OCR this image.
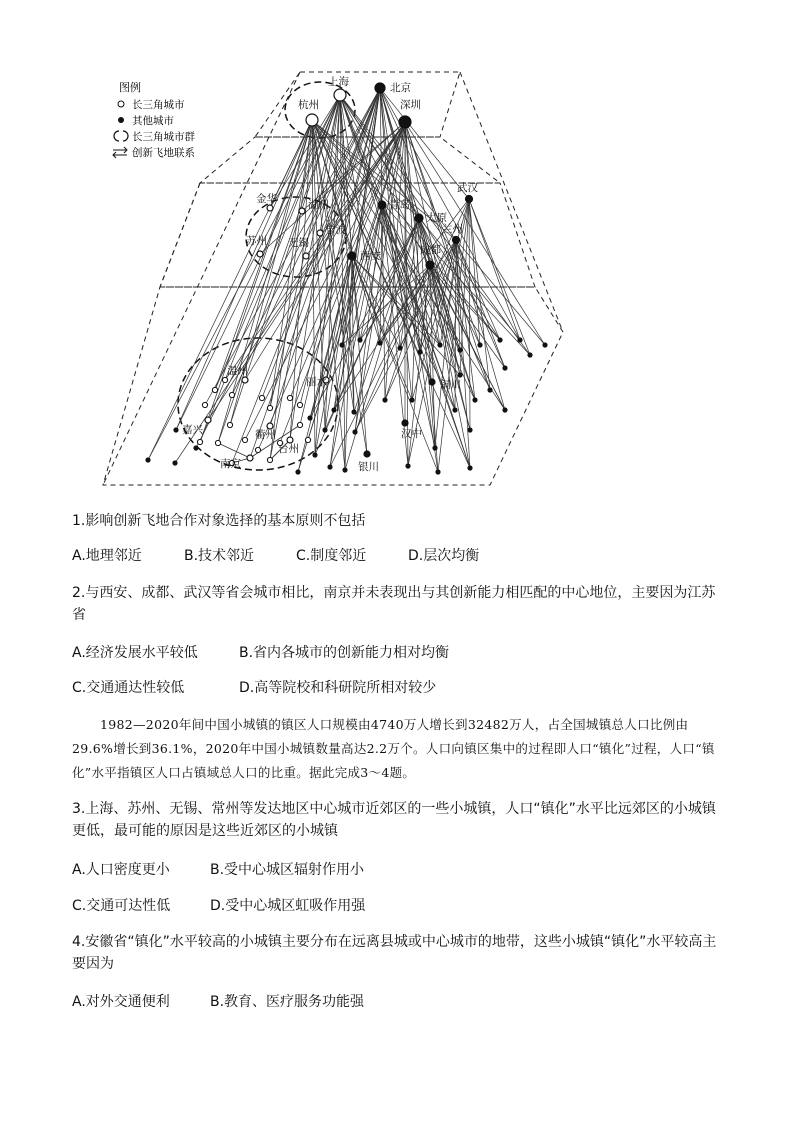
上海	北京
杭州	深圳
武汉
金华	湖州	青岛
太原
苏州
宁波	兰州
无锡
成都
西安
温州
丽水	铜川
嘉兴	衢州
台州
汉中
南京	银川
图例
长三角城市
其他城市
长三角城市群
创新飞地联系
1.影响创新飞地合作对象选择的基本原则不包括
A.地理邻近	B.技术邻近	C.制度邻近	D.层次均衡
2.与西安、成都、武汉等省会城市相比，南京并未表现出与其创新能力相匹配的中心地位，主要因为江苏省
A.经济发展水平较低	B.省内各城市的创新能力相对均衡
C.交通通达性较低	D.高等院校和科研院所相对较少
1982—2020年间中国小城镇的镇区人口规模由4740万人增长到32482万人，占全国城镇总人口比例由29.6%增长到36.1%，2020年中国小城镇数量高达2.2万个。人口向镇区集中的过程即人口“镇化”过程，人口“镇化”水平指镇区人口占镇域总人口的比重。据此完成3～4题。
3.上海、苏州、无锡、常州等发达地区中心城市近郊区的一些小城镇，人口“镇化”水平比远郊区的小城镇更低，最可能的原因是这些近郊区的小城镇
A.人口密度更小	B.受中心城区辐射作用小
C.交通可达性低	D.受中心城区虹吸作用强
4.安徽省“镇化”水平较高的小城镇主要分布在远离县城或中心城市的地带，这些小城镇“镇化”水平较高主要因为
A.对外交通便利	B.教育、医疗服务功能强
